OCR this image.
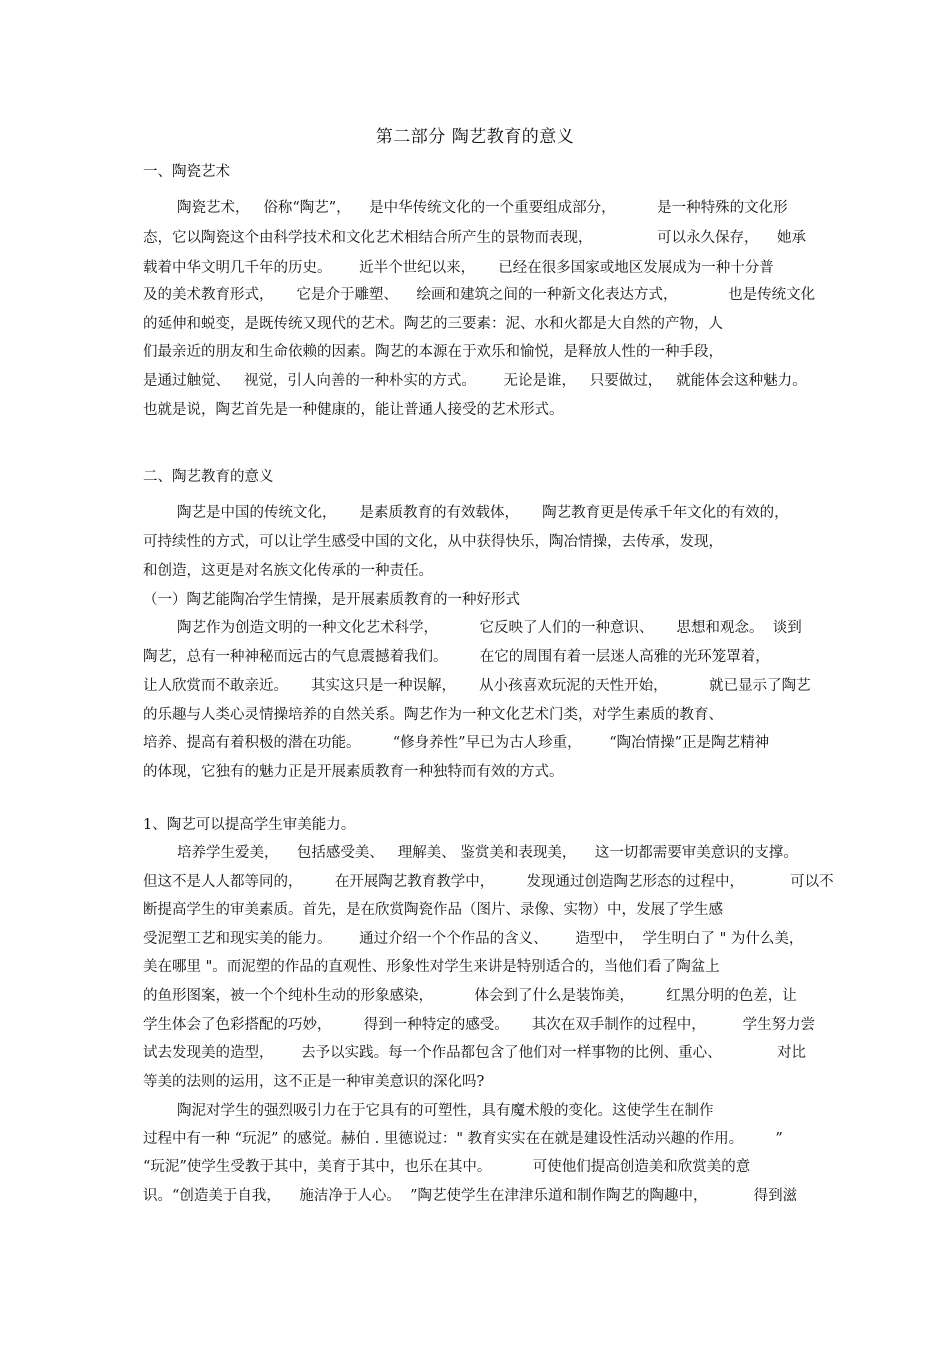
第二部分 陶艺教育的意义
一、陶瓷艺术
陶瓷艺术，   俗称“陶艺”，    是中华传统文化的一个重要组成部分，         是一种特殊的文化形
态，它以陶瓷这个由科学技术和文化艺术相结合所产生的景物而表现，              可以永久保存，    她承
载着中华文明几千年的历史。      近半个世纪以来，     已经在很多国家或地区发展成为一种十分普
及的美术教育形式，     它是介于雕塑、    绘画和建筑之间的一种新文化表达方式，           也是传统文化
的延伸和蜕变，是既传统又现代的艺术。陶艺的三要素：泥、水和火都是大自然的产物，人
们最亲近的朋友和生命依赖的因素。陶艺的本源在于欢乐和愉悦，是释放人性的一种手段，
是通过触觉、   视觉，引人向善的一种朴实的方式。      无论是谁，   只要做过，   就能体会这种魅力。
也就是说，陶艺首先是一种健康的，能让普通人接受的艺术形式。
二、陶艺教育的意义
陶艺是中国的传统文化，     是素质教育的有效载体，     陶艺教育更是传承千年文化的有效的，
可持续性的方式，可以让学生感受中国的文化，从中获得快乐，陶冶情操，去传承，发现，
和创造，这更是对名族文化传承的一种责任。
（一）陶艺能陶冶学生情操，是开展素质教育的一种好形式
陶艺作为创造文明的一种文化艺术科学，         它反映了人们的一种意识、     思想和观念。  谈到
陶艺，总有一种神秘而远古的气息震撼着我们。       在它的周围有着一层迷人高雅的光环笼罩着，
让人欣赏而不敢亲近。     其实这只是一种误解，     从小孩喜欢玩泥的天性开始，         就已显示了陶艺
的乐趣与人类心灵情操培养的自然关系。陶艺作为一种文化艺术门类，对学生素质的教育、
培养、提高有着积极的潜在功能。       “修身养性”早已为古人珍重，      “陶冶情操”正是陶艺精神
的体现，它独有的魅力正是开展素质教育一种独特而有效的方式。
1、陶艺可以提高学生审美能力。
培养学生爱美，    包括感受美、   理解美、 鉴赏美和表现美，    这一切都需要审美意识的支撑。
但这不是人人都等同的，       在开展陶艺教育教学中，       发现通过创造陶艺形态的过程中，          可以不
断提高学生的审美素质。首先，是在欣赏陶瓷作品（图片、录像、实物）中，发展了学生感
受泥塑工艺和现实美的能力。      通过介绍一个个作品的含义、      造型中，  学生明白了 " 为什么美，
美在哪里 "。而泥塑的作品的直观性、形象性对学生来讲是特别适合的，当他们看了陶盆上
的鱼形图案，被一个个纯朴生动的形象感染，         体会到了什么是装饰美，       红黑分明的色差，让
学生体会了色彩搭配的巧妙，       得到一种特定的感受。     其次在双手制作的过程中，        学生努力尝
试去发现美的造型，      去予以实践。每一个作品都包含了他们对一样事物的比例、重心、            对比
等美的法则的运用，这不正是一种审美意识的深化吗?
陶泥对学生的强烈吸引力在于它具有的可塑性，具有魔术般的变化。这使学生在制作
过程中有一种 “玩泥” 的感觉。赫伯 . 里德说过：" 教育实实在在就是建设性活动兴趣的作用。       ”
“玩泥”使学生受教于其中，美育于其中，也乐在其中。         可使他们提高创造美和欣赏美的意
识。“创造美于自我，    施洁净于人心。  ”陶艺使学生在津津乐道和制作陶艺的陶趣中，          得到滋
